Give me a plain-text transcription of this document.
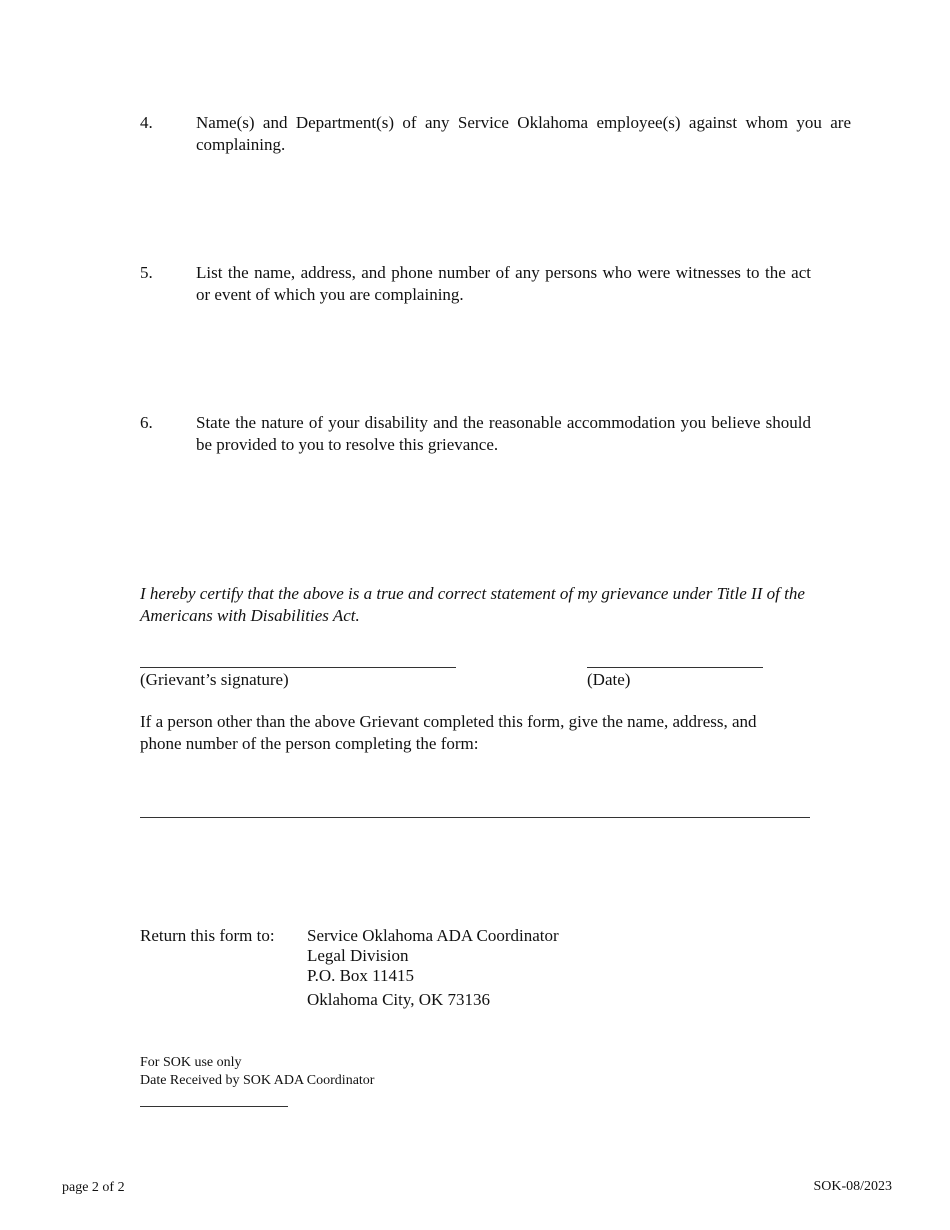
4.	Name(s) and Department(s) of any Service Oklahoma employee(s) against whom you are complaining.
5.	List the name, address, and phone number of any persons who were witnesses to the act or event of which you are complaining.
6.	State the nature of your disability and the reasonable accommodation you believe should be provided to you to resolve this grievance.
I hereby certify that the above is a true and correct statement of my grievance under Title II of the Americans with Disabilities Act.
(Grievant’s signature)	(Date)
If a person other than the above Grievant completed this form, give the name, address, and phone number of the person completing the form:
Return this form to: Service Oklahoma ADA Coordinator
Legal Division
P.O. Box 11415
Oklahoma City, OK 73136
For SOK use only
Date Received by SOK ADA Coordinator
page 2 of 2	SOK-08/2023
